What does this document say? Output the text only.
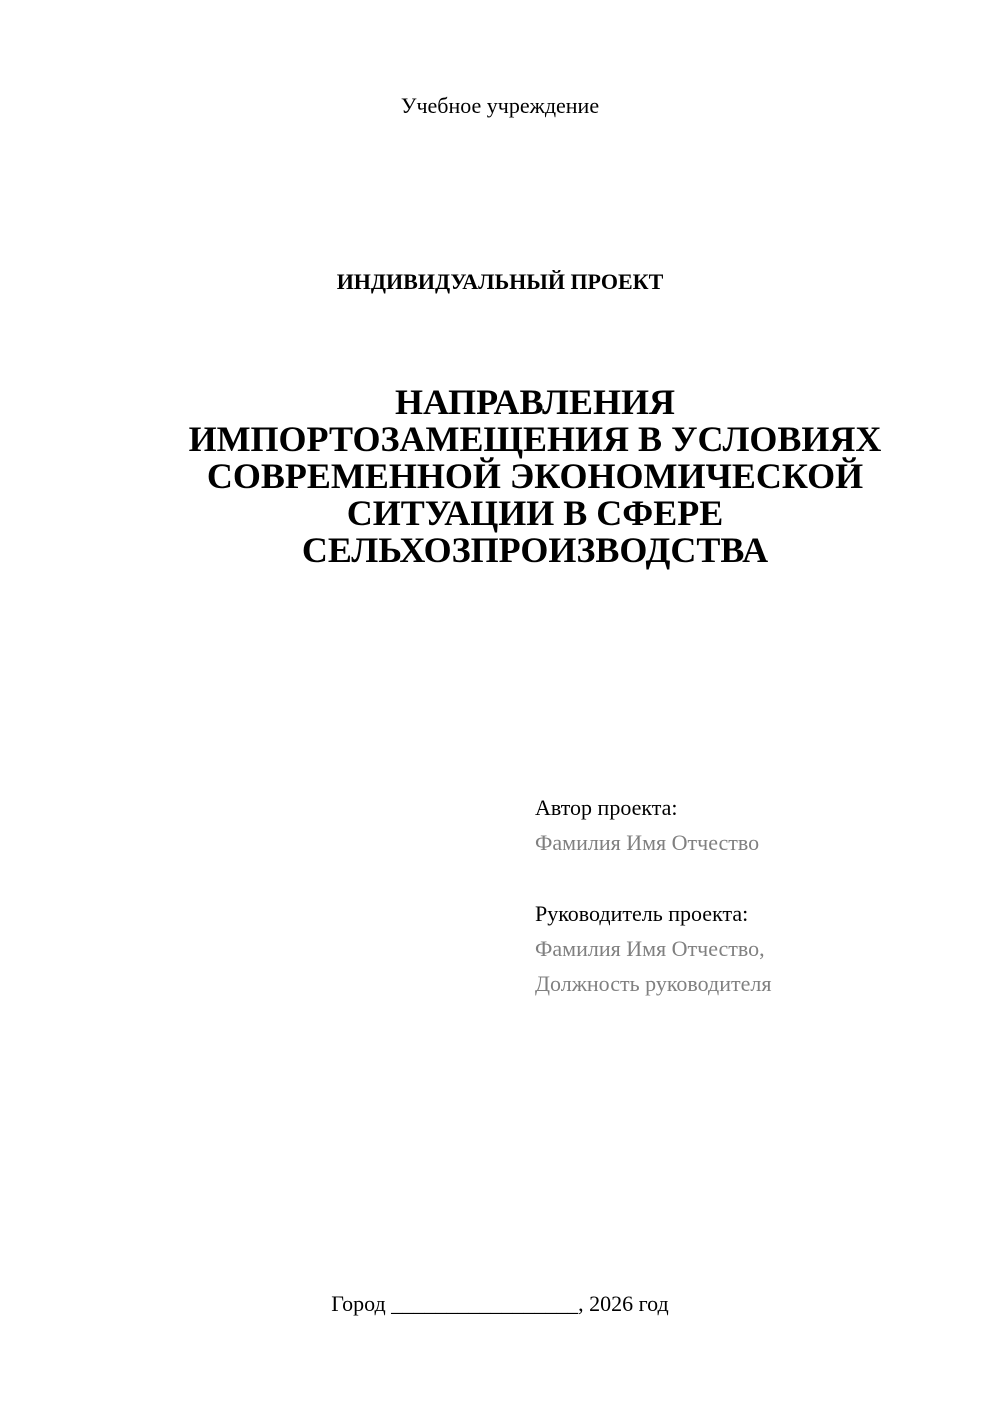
Учебное учреждение
ИНДИВИДУАЛЬНЫЙ ПРОЕКТ
НАПРАВЛЕНИЯ
ИМПОРТОЗАМЕЩЕНИЯ В УСЛОВИЯХ
СОВРЕМЕННОЙ ЭКОНОМИЧЕСКОЙ
СИТУАЦИИ В СФЕРЕ
СЕЛЬХОЗПРОИЗВОДСТВА
Автор проекта:
Фамилия Имя Отчество
Руководитель проекта:
Фамилия Имя Отчество,
Должность руководителя
Город _________________, 2026 год
